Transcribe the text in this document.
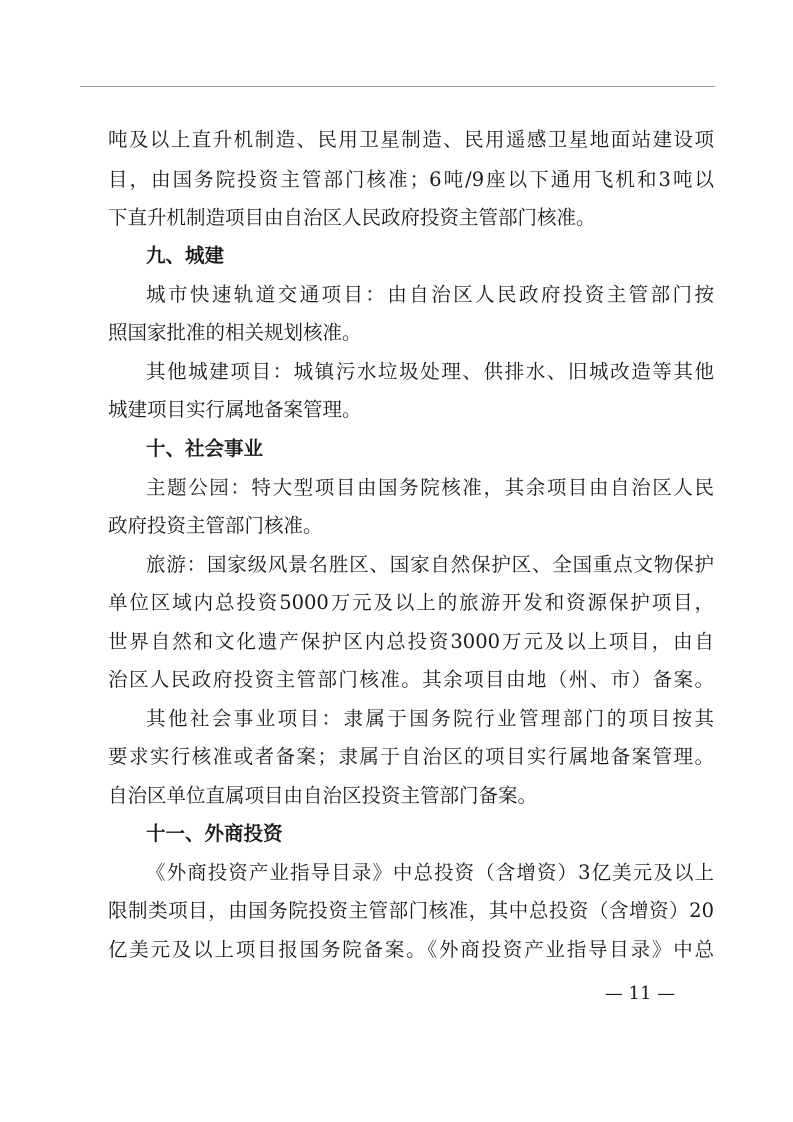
吨及以上直升机制造、民用卫星制造、民用遥感卫星地面站建设项
目，由国务院投资主管部门核准；6吨/9座以下通用飞机和3吨以
下直升机制造项目由自治区人民政府投资主管部门核准。
九、城建
城市快速轨道交通项目：由自治区人民政府投资主管部门按
照国家批准的相关规划核准。
其他城建项目：城镇污水垃圾处理、供排水、旧城改造等其他
城建项目实行属地备案管理。
十、社会事业
主题公园：特大型项目由国务院核准，其余项目由自治区人民
政府投资主管部门核准。
旅游：国家级风景名胜区、国家自然保护区、全国重点文物保护
单位区域内总投资5000万元及以上的旅游开发和资源保护项目，
世界自然和文化遗产保护区内总投资3000万元及以上项目，由自
治区人民政府投资主管部门核准。其余项目由地（州、市）备案。
其他社会事业项目：隶属于国务院行业管理部门的项目按其
要求实行核准或者备案；隶属于自治区的项目实行属地备案管理。
自治区单位直属项目由自治区投资主管部门备案。
十一、外商投资
《外商投资产业指导目录》中总投资（含增资）3亿美元及以上
限制类项目，由国务院投资主管部门核准，其中总投资（含增资）20
亿美元及以上项目报国务院备案。《外商投资产业指导目录》中总
— 11 —
